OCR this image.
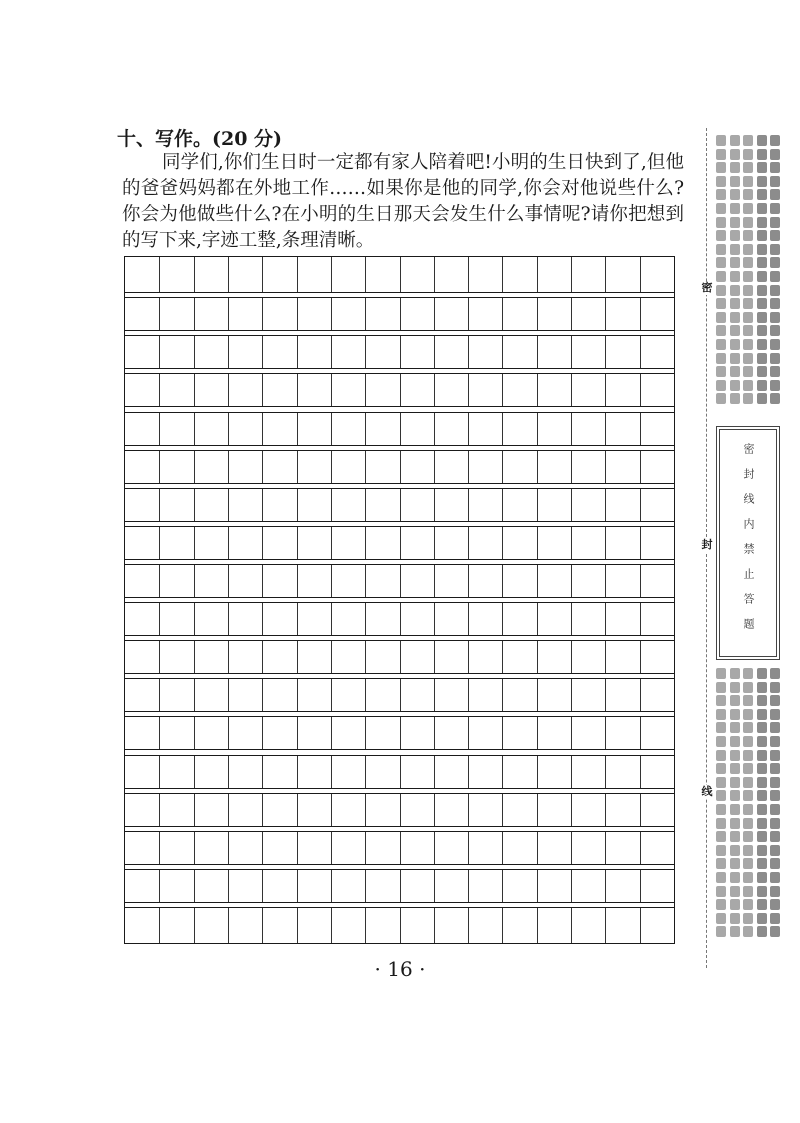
十、写作。(20 分)

同学们,你们生日时一定都有家人陪着吧!小明的生日快到了,但他的爸爸妈妈都在外地工作……如果你是他的同学,你会对他说些什么?你会为他做些什么?在小明的生日那天会发生什么事情呢?请你把想到的写下来,字迹工整,条理清晰。

· 16 ·

密
封
线

密封线内禁止答题
